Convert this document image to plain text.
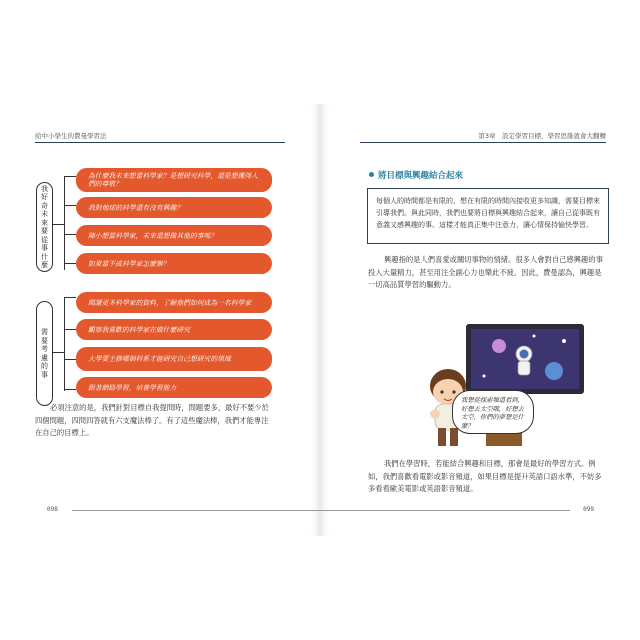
給中小學生的費曼學習法
我好奇未來要從事什麼
需要考慮的事
為什麼我未來想當科學家？是想研究科學，還是想獲得人們的尊敬？
我對地球的科學還有沒有興趣？
陳小想當科學家，未來還想做其他的事嗎？
如果當不成科學家怎麼辦？
閱讀更多科學家的資料，了解他們如何成為一名科學家
觀察我喜歡的科學家在做什麼研究
大學要主修哪個科系才能研究自己想研究的領域
跟著網路學習，培養學習能力
必須注意的是，我們針對目標自我提問時，問題要多，最好不要少於四個問題，四問四答就有六支魔法棒了。有了這些魔法棒，我們才能專注在自己的目標上。
098
第3章　設定學習目標，學習思維就會大翻轉
將目標與興趣結合起來
每個人的時間都是有限的，想在有限的時間內接收更多知識，需要目標來引導我們。與此同時，我們也要將目標與興趣結合起來，讓自己從事既有意義又感興趣的事。這樣才能真正集中注意力，讓心情保持愉快學習。
興趣指的是人們喜愛或關切事物的情緒。很多人會對自己感興趣的事投入大量精力，甚至用注全副心力也樂此不疲。因此，費曼認為，興趣是一切高品質學習的驅動力。
我想從探索頻道看到，好想去太空哦，好想去太空，你們的夢想是什麼？
我們在學習時，若能結合興趣和目標，那會是最好的學習方式。例如，我們喜歡看電影或影音頻道，如果目標是提升英語口語水準，不妨多多看看歐美電影或英語影音頻道。
099
